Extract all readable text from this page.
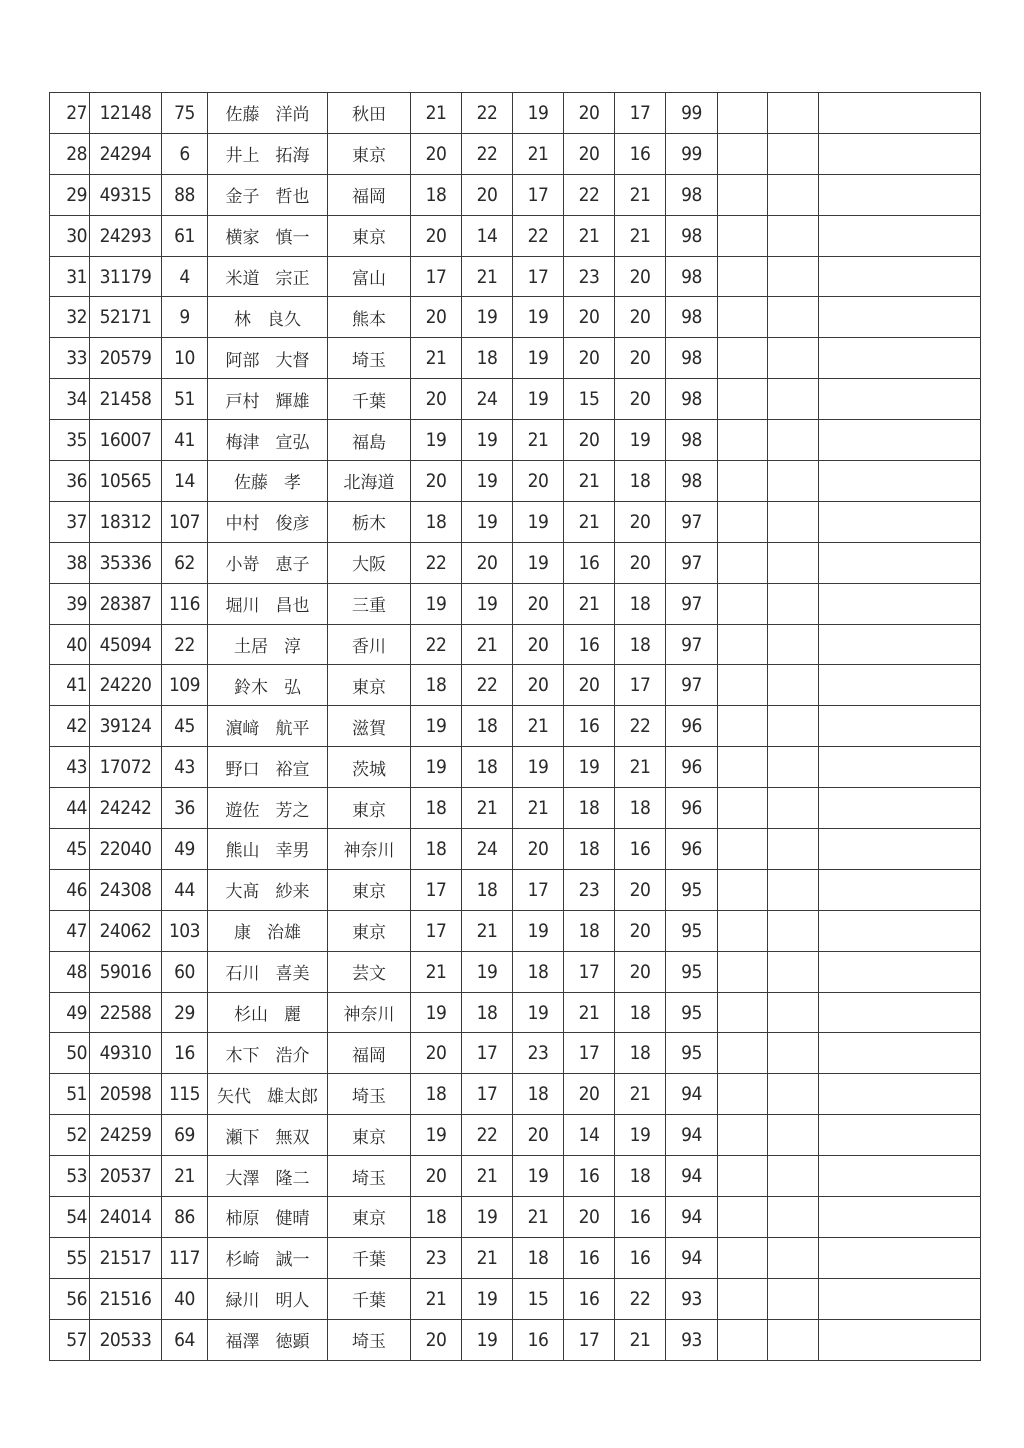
27	12148	75	佐藤 洋尚	秋田	21	22	19	20	17	99			
28	24294	6	井上 拓海	東京	20	22	21	20	16	99			
29	49315	88	金子 哲也	福岡	18	20	17	22	21	98			
30	24293	61	横家 慎一	東京	20	14	22	21	21	98			
31	31179	4	米道 宗正	富山	17	21	17	23	20	98			
32	52171	9	林 良久	熊本	20	19	19	20	20	98			
33	20579	10	阿部 大督	埼玉	21	18	19	20	20	98			
34	21458	51	戸村 輝雄	千葉	20	24	19	15	20	98			
35	16007	41	梅津 宣弘	福島	19	19	21	20	19	98			
36	10565	14	佐藤 孝	北海道	20	19	20	21	18	98			
37	18312	107	中村 俊彦	栃木	18	19	19	21	20	97			
38	35336	62	小嵜 恵子	大阪	22	20	19	16	20	97			
39	28387	116	堀川 昌也	三重	19	19	20	21	18	97			
40	45094	22	土居 淳	香川	22	21	20	16	18	97			
41	24220	109	鈴木 弘	東京	18	22	20	20	17	97			
42	39124	45	濵﨑 航平	滋賀	19	18	21	16	22	96			
43	17072	43	野口 裕宣	茨城	19	18	19	19	21	96			
44	24242	36	遊佐 芳之	東京	18	21	21	18	18	96			
45	22040	49	熊山 幸男	神奈川	18	24	20	18	16	96			
46	24308	44	大髙 紗来	東京	17	18	17	23	20	95			
47	24062	103	康 治雄	東京	17	21	19	18	20	95			
48	59016	60	石川 喜美	芸文	21	19	18	17	20	95			
49	22588	29	杉山 麗	神奈川	19	18	19	21	18	95			
50	49310	16	木下 浩介	福岡	20	17	23	17	18	95			
51	20598	115	矢代 雄太郎	埼玉	18	17	18	20	21	94			
52	24259	69	瀬下 無双	東京	19	22	20	14	19	94			
53	20537	21	大澤 隆二	埼玉	20	21	19	16	18	94			
54	24014	86	柿原 健晴	東京	18	19	21	20	16	94			
55	21517	117	杉崎 誠一	千葉	23	21	18	16	16	94			
56	21516	40	緑川 明人	千葉	21	19	15	16	22	93			
57	20533	64	福澤 徳顕	埼玉	20	19	16	17	21	93			
